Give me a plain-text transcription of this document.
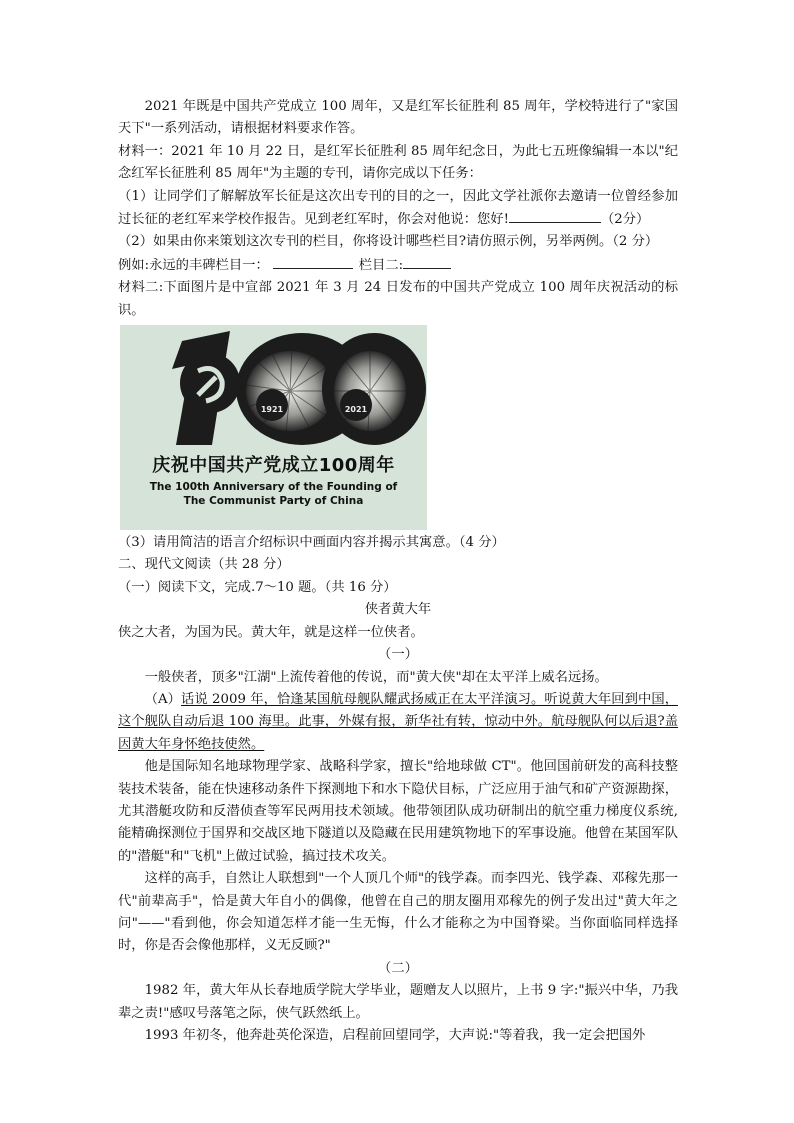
2021 年既是中国共产党成立 100 周年，又是红军长征胜利 85 周年，学校特进行了"家国天下"一系列活动，请根据材料要求作答。

材料一：2021 年 10 月 22 日，是红军长征胜利 85 周年纪念日，为此七五班像编辑一本以"纪念红军长征胜利 85 周年"为主题的专刊，请你完成以下任务：

（1）让同学们了解解放军长征是这次出专刊的目的之一，因此文学社派你去邀请一位曾经参加过长征的老红军来学校作报告。见到老红军时，你会对他说：您好!	（2分）

（2）如果由你来策划这次专刊的栏目，你将设计哪些栏目?请仿照示例，另举两例。（2 分）

例如:永远的丰碑栏目一：	栏目二:

材料二:下面图片是中宣部 2021 年 3 月 24 日发布的中国共产党成立 100 周年庆祝活动的标识。

1921	2021
庆祝中国共产党成立100周年
The 100th Anniversary of the Founding of
The Communist Party of China

（3）请用简洁的语言介绍标识中画面内容并揭示其寓意。（4 分）

二、现代文阅读（共 28 分）

（一）阅读下文，完成.7～10 题。（共 16 分）

侠者黄大年

侠之大者，为国为民。黄大年，就是这样一位侠者。

（一）

一般侠者，顶多"江湖"上流传着他的传说，而"黄大侠"却在太平洋上威名远扬。

（A）话说 2009 年，恰逢某国航母舰队耀武扬威正在太平洋演习。听说黄大年回到中国，这个舰队自动后退 100 海里。此事，外媒有报，新华社有转，惊动中外。航母舰队何以后退?盖因黄大年身怀绝技使然。

他是国际知名地球物理学家、战略科学家，擅长"给地球做 CT"。他回国前研发的高科技整装技术装备，能在快速移动条件下探测地下和水下隐伏目标，广泛应用于油气和矿产资源勘探，尤其潜艇攻防和反潜侦查等军民两用技术领域。他带领团队成功研制出的航空重力梯度仪系统,能精确探测位于国界和交战区地下隧道以及隐藏在民用建筑物地下的军事设施。他曾在某国军队的"潜艇"和"飞机"上做过试验，搞过技术攻关。

这样的高手，自然让人联想到"一个人顶几个师"的钱学森。而李四光、钱学森、邓稼先那一代"前辈高手"，恰是黄大年自小的偶像，他曾在自己的朋友圈用邓稼先的例子发出过"黄大年之问"——"看到他，你会知道怎样才能一生无悔，什么才能称之为中国脊梁。当你面临同样选择时，你是否会像他那样，义无反顾?"

（二）

1982 年，黄大年从长春地质学院大学毕业，题赠友人以照片，上书 9 字:"振兴中华，乃我辈之责!"感叹号落笔之际，侠气跃然纸上。

1993 年初冬，他奔赴英伦深造，启程前回望同学，大声说:"等着我，我一定会把国外
